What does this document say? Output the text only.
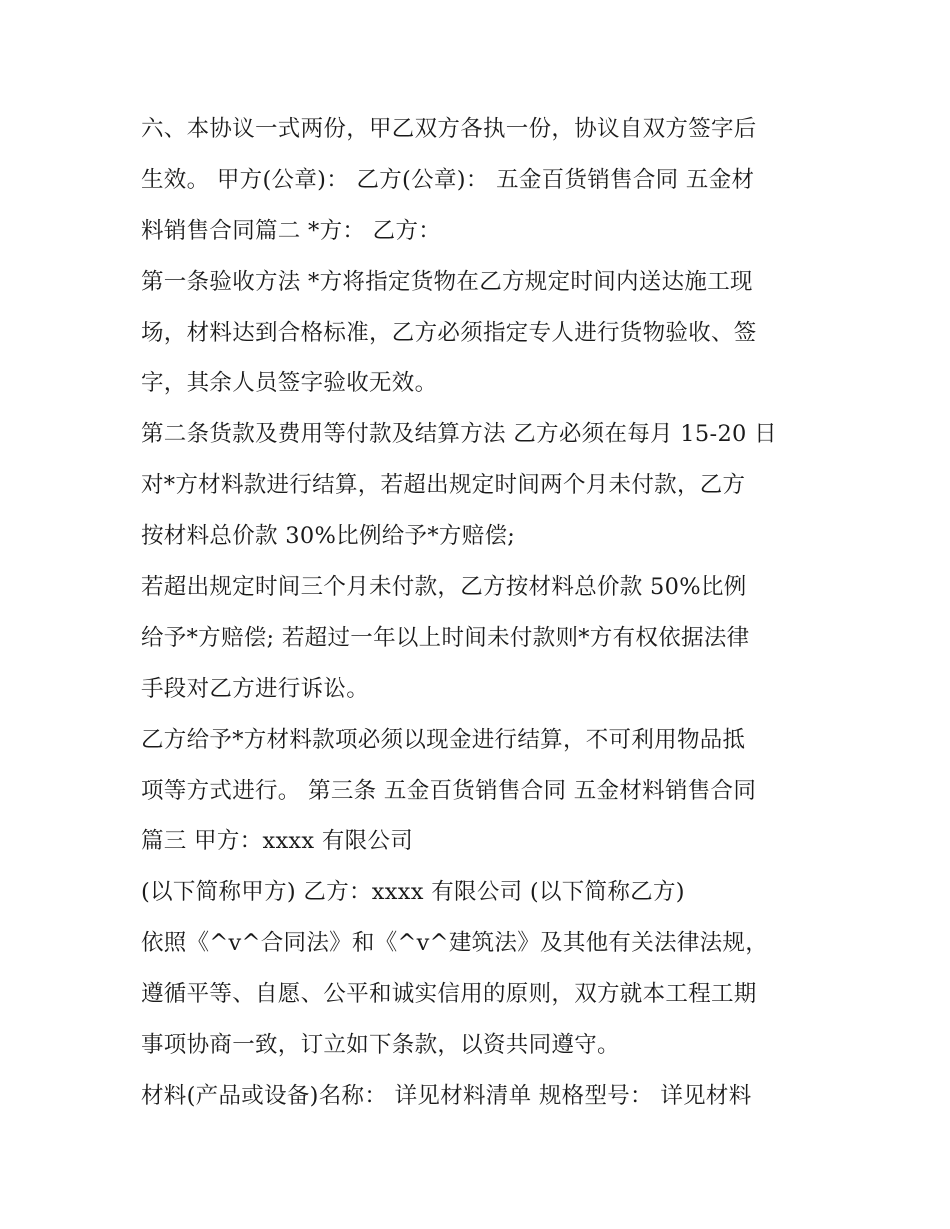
六、本协议一式两份，甲乙双方各执一份，协议自双方签字后
生效。 甲方(公章)： 乙方(公章)： 五金百货销售合同 五金材
料销售合同篇二 *方： 乙方：
第一条验收方法 *方将指定货物在乙方规定时间内送达施工现
场，材料达到合格标准，乙方必须指定专人进行货物验收、签
字，其余人员签字验收无效。
第二条货款及费用等付款及结算方法 乙方必须在每月 15-20 日
对*方材料款进行结算，若超出规定时间两个月未付款，乙方
按材料总价款 30%比例给予*方赔偿;
若超出规定时间三个月未付款，乙方按材料总价款 50%比例
给予*方赔偿; 若超过一年以上时间未付款则*方有权依据法律
手段对乙方进行诉讼。
乙方给予*方材料款项必须以现金进行结算，不可利用物品抵
项等方式进行。 第三条 五金百货销售合同 五金材料销售合同
篇三 甲方：xxxx 有限公司
(以下简称甲方) 乙方：xxxx 有限公司 (以下简称乙方)
依照《^v^合同法》和《^v^建筑法》及其他有关法律法规，
遵循平等、自愿、公平和诚实信用的原则，双方就本工程工期
事项协商一致，订立如下条款，以资共同遵守。
材料(产品或设备)名称： 详见材料清单 规格型号： 详见材料
